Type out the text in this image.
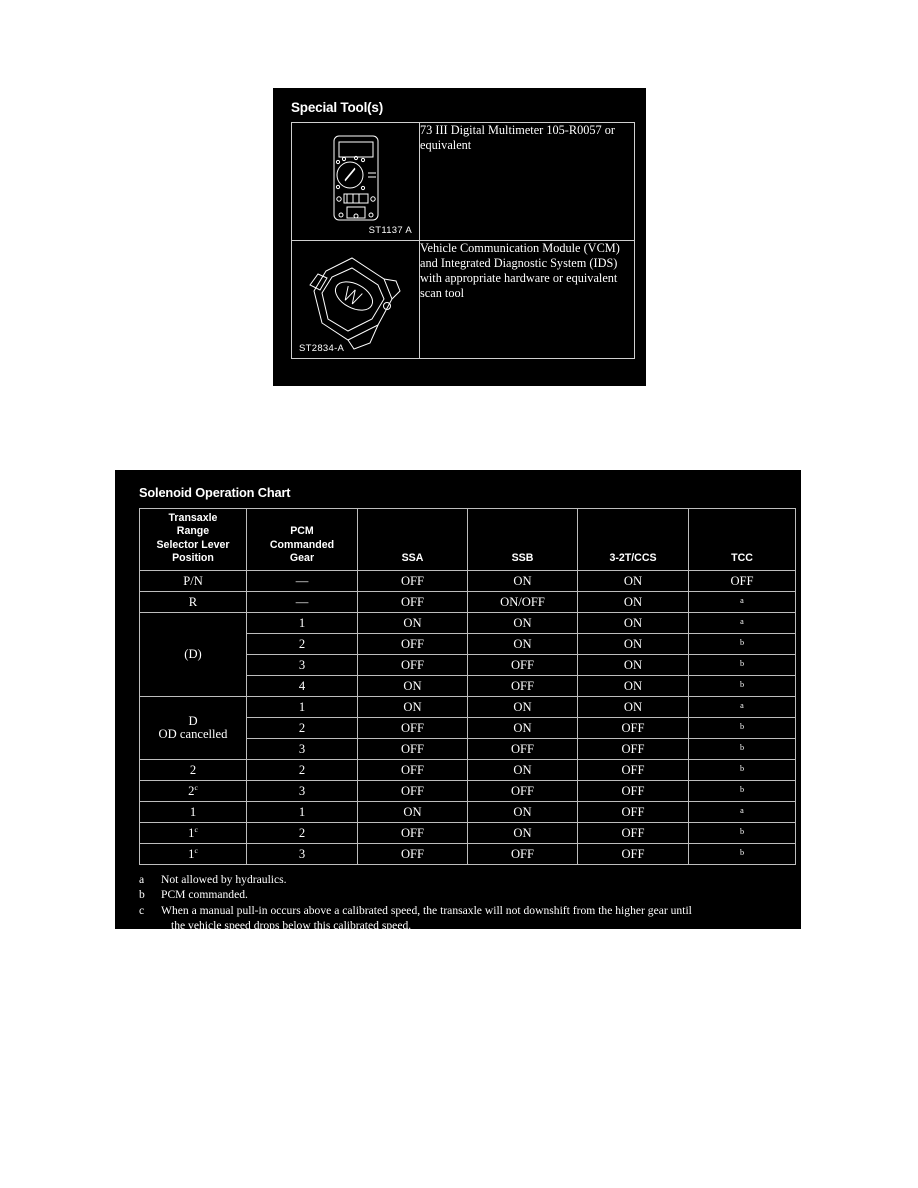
Special Tool(s)
ST1137 A	73 III Digital Multimeter 105-R0057 or equivalent

ST2834-A	Vehicle Communication Module (VCM) and Integrated Diagnostic System (IDS) with appropriate hardware or equivalent scan tool
Solenoid Operation Chart
Transaxle
Range
Selector Lever
Position

PCM
Commanded
Gear	SSA	SSB	3-2T/CCS	TCC

P/N	—	OFF	ON	ON	OFF

R	—	OFF	ON/OFF	ON	$^a$

(D)	1	ON	ON	ON	$^a$
	2	OFF	ON	ON	$^b$
	3	OFF	OFF	ON	$^b$
	4	ON	OFF	ON	$^b$

D
OD cancelled	1	ON	ON	ON	$^a$
	2	OFF	ON	OFF	$^b$
	3	OFF	OFF	OFF	$^b$

2	2	OFF	ON	OFF	$^b$

2$^c$	3	OFF	OFF	OFF	$^b$

1	1	ON	ON	OFF	$^a$

1$^c$	2	OFF	ON	OFF	$^b$

1$^c$	3	OFF	OFF	OFF	$^b$
a	Not allowed by hydraulics.
b	PCM commanded.
c	When a manual pull-in occurs above a calibrated speed, the transaxle will not downshift from the higher gear until
the vehicle speed drops below this calibrated speed.
